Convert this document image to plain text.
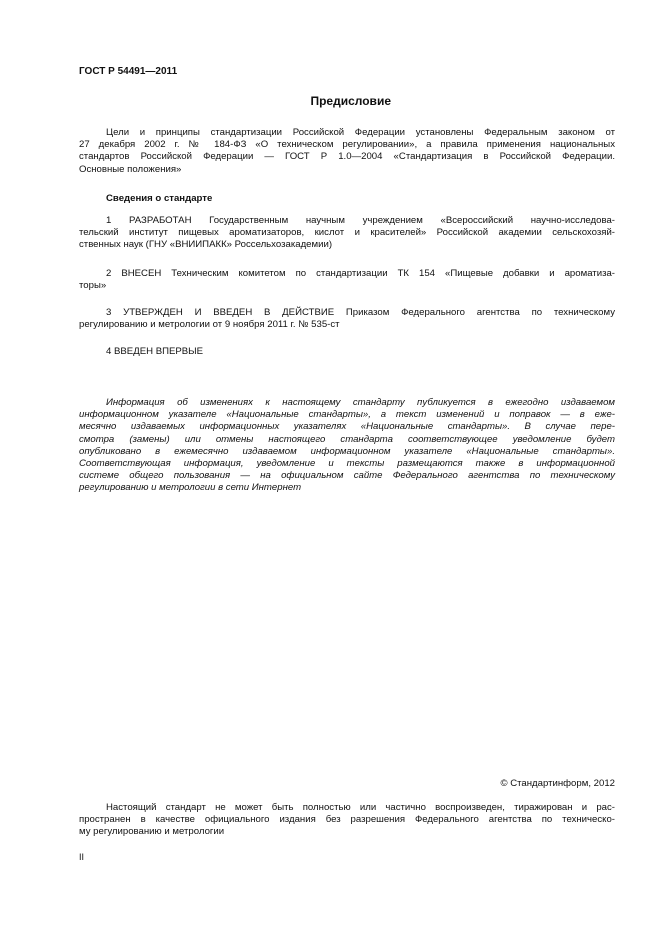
ГОСТ Р 54491—2011
Предисловие
Цели и принципы стандартизации Российской Федерации установлены Федеральным законом от
27 декабря 2002 г. № 184-ФЗ «О техническом регулировании», а правила применения национальных
стандартов Российской Федерации — ГОСТ Р 1.0—2004 «Стандартизация в Российской Федерации.
Основные положения»
Сведения о стандарте
1 РАЗРАБОТАН Государственным научным учреждением «Всероссийский научно-исследова-
тельский институт пищевых ароматизаторов, кислот и красителей» Российской академии сельскохозяй-
ственных наук (ГНУ «ВНИИПАКК» Россельхозакадемии)
2 ВНЕСЕН Техническим комитетом по стандартизации ТК 154 «Пищевые добавки и ароматиза-
торы»
3 УТВЕРЖДЕН И ВВЕДЕН В ДЕЙСТВИЕ Приказом Федерального агентства по техническому
регулированию и метрологии от 9 ноября 2011 г. № 535-ст
4 ВВЕДЕН ВПЕРВЫЕ
Информация об изменениях к настоящему стандарту публикуется в ежегодно издаваемом
информационном указателе «Национальные стандарты», а текст изменений и поправок — в ежe-
месячно издаваемых информационных указателях «Национальные стандарты». В случае пере-
смотра (замены) или отмены настоящего стандарта соответствующее уведомление будет
опубликовано в ежемесячно издаваемом информационном указателе «Национальные стандарты».
Соответствующая информация, уведомление и тексты размещаются также в информационной
системе общего пользования — на официальном сайте Федерального агентства по техническому
регулированию и метрологии в сети Интернет
© Стандартинформ, 2012
Настоящий стандарт не может быть полностью или частично воспроизведен, тиражирован и рас-
пространен в качестве официального издания без разрешения Федерального агентства по техническо-
му регулированию и метрологии
II
